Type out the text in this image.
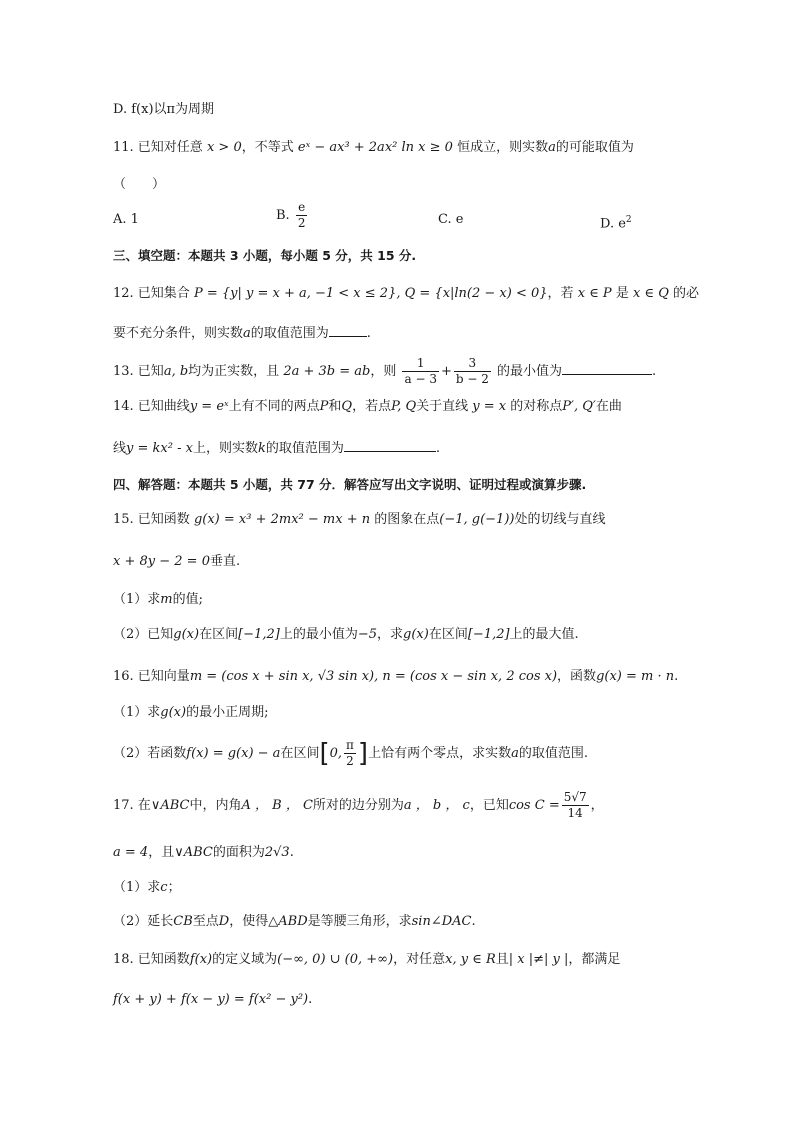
D. f(x)以π为周期
11. 已知对任意 x > 0，不等式 eˣ − ax³ + 2ax² ln x ≥ 0 恒成立，则实数a的可能取值为
（　　）
A. 1	B. $\frac{e}{2}$	C. e	D. $e^2$
三、填空题：本题共 3 小题，每小题 5 分，共 15 分.
12. 已知集合 P = {y| y = x + a, −1 < x ≤ 2}, Q = {x|ln(2 − x) < 0}，若 x ∈ P 是 x ∈ Q 的必
要不充分条件，则实数a的取值范围为	.
13. 已知a, b均为正实数，且 2a + 3b = ab，则 $\frac{1}{a - 3} + \frac{3}{b - 2}$ 的最小值为	.
14. 已知曲线y = eˣ上有不同的两点P和Q，若点P, Q关于直线 y = x 的对称点P′, Q′在曲
线y = kx² - x上，则实数k的取值范围为	.
四、解答题：本题共 5 小题，共 77 分．解答应写出文字说明、证明过程或演算步骤.
15. 已知函数 g(x) = x³ + 2mx² − mx + n 的图象在点(−1, g(−1))处的切线与直线
x + 8y − 2 = 0垂直.
（1）求m的值;
（2）已知g(x)在区间[−1,2]上的最小值为−5，求g(x)在区间[−1,2]上的最大值.
16. 已知向量m = (cos x + sin x, √3 sin x), n = (cos x − sin x, 2 cos x)，函数g(x) = m · n.
（1）求g(x)的最小正周期;
（2）若函数f(x) = g(x) − a在区间[0, $\frac{\pi}{2}$ ]上恰有两个零点，求实数a的取值范围.
17. 在∨ABC中，内角A ， B ， C所对的边分别为a ， b ， c，已知$\cos C = \frac{5√7}{14}$ ，
a = 4，且∨ABC的面积为2√3.
（1）求c；
（2）延长CB至点D，使得△ABD是等腰三角形，求sin∠DAC.
18. 已知函数f(x)的定义域为(−∞, 0) ∪ (0, +∞)，对任意x, y ∈ R且| x |≠| y |，都满足
f(x + y) + f(x − y) = f(x² − y²).
